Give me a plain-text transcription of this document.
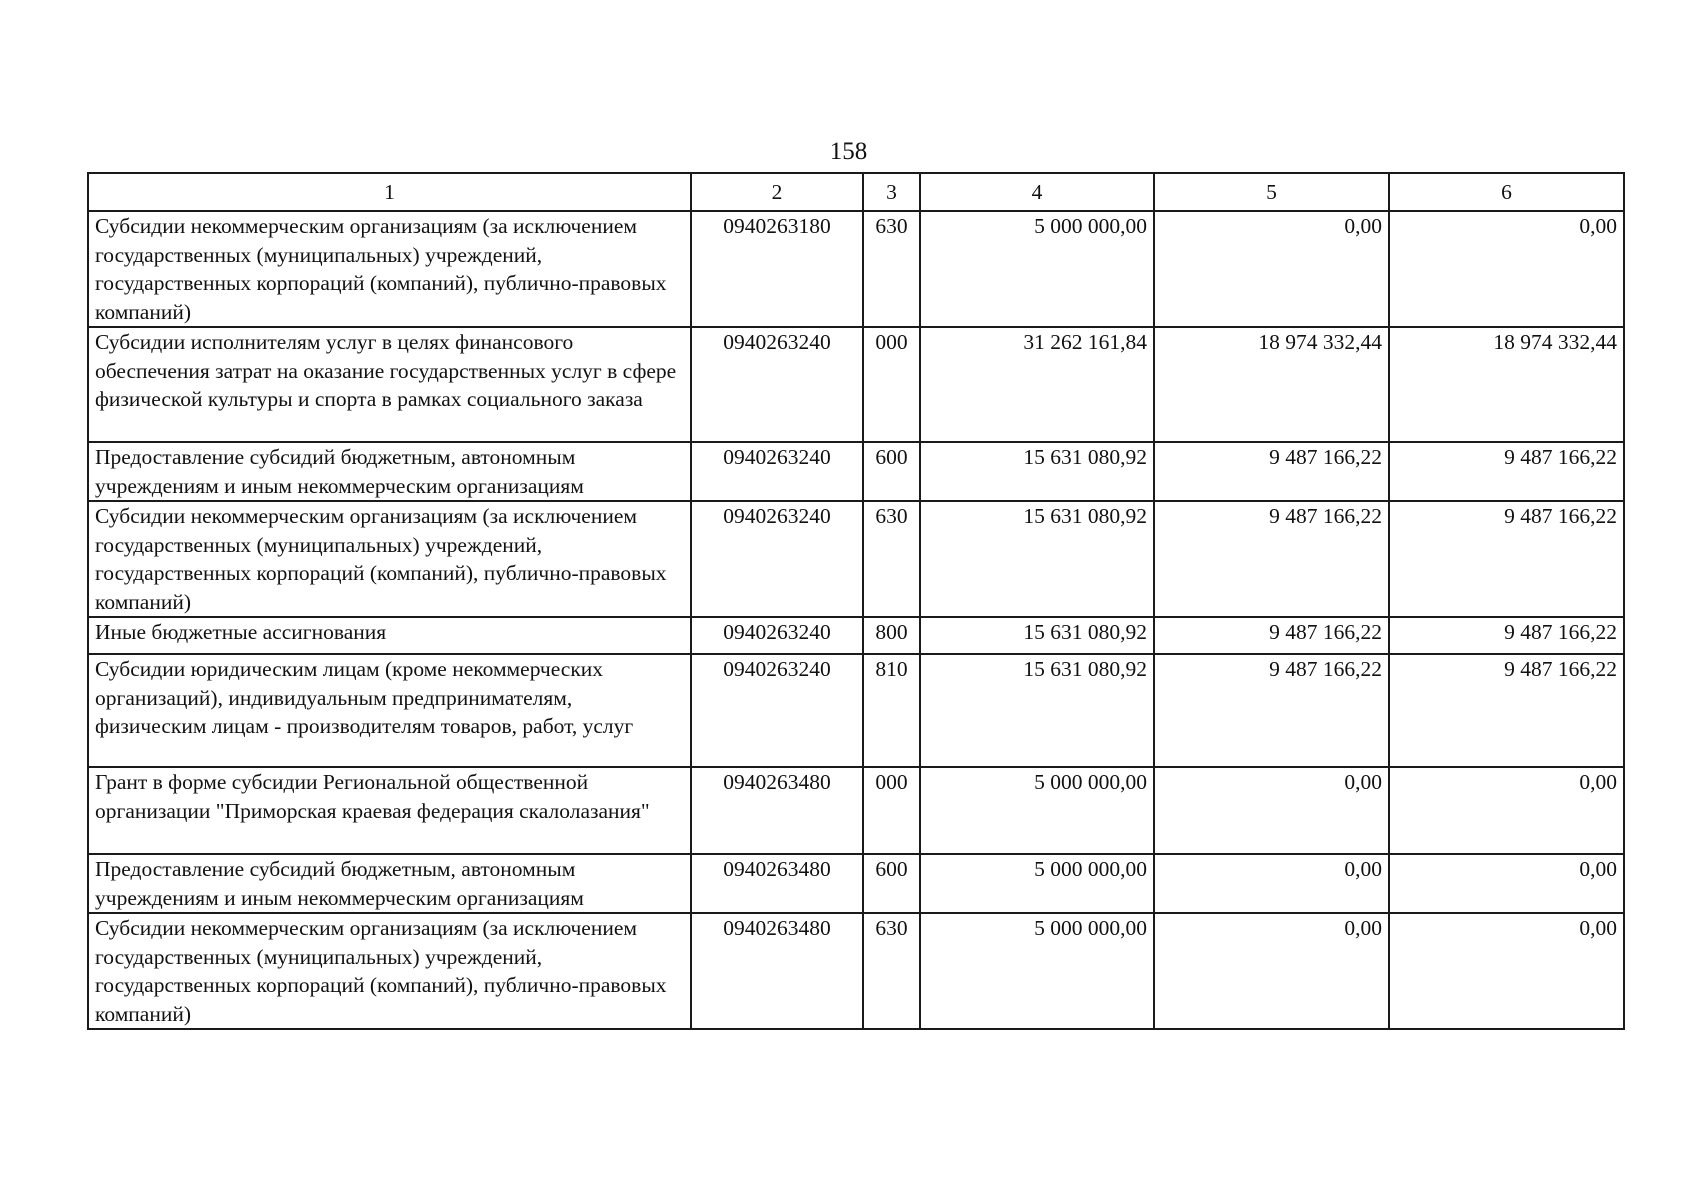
158
1	2	3	4	5	6
Субсидии некоммерческим организациям (за исключением государственных (муниципальных) учреждений, государственных корпораций (компаний), публично-правовых компаний)	0940263180	630	5 000 000,00	0,00	0,00
Субсидии исполнителям услуг в целях финансового обеспечения затрат на оказание государственных услуг в сфере физической культуры и спорта в рамках социального заказа	0940263240	000	31 262 161,84	18 974 332,44	18 974 332,44
Предоставление субсидий бюджетным, автономным учреждениям и иным некоммерческим организациям	0940263240	600	15 631 080,92	9 487 166,22	9 487 166,22
Субсидии некоммерческим организациям (за исключением государственных (муниципальных) учреждений, государственных корпораций (компаний), публично-правовых компаний)	0940263240	630	15 631 080,92	9 487 166,22	9 487 166,22
Иные бюджетные ассигнования	0940263240	800	15 631 080,92	9 487 166,22	9 487 166,22
Субсидии юридическим лицам (кроме некоммерческих организаций), индивидуальным предпринимателям, физическим лицам - производителям товаров, работ, услуг	0940263240	810	15 631 080,92	9 487 166,22	9 487 166,22
Грант в форме субсидии Региональной общественной организации "Приморская краевая федерация скалолазания"	0940263480	000	5 000 000,00	0,00	0,00
Предоставление субсидий бюджетным, автономным учреждениям и иным некоммерческим организациям	0940263480	600	5 000 000,00	0,00	0,00
Субсидии некоммерческим организациям (за исключением государственных (муниципальных) учреждений, государственных корпораций (компаний), публично-правовых компаний)	0940263480	630	5 000 000,00	0,00	0,00
